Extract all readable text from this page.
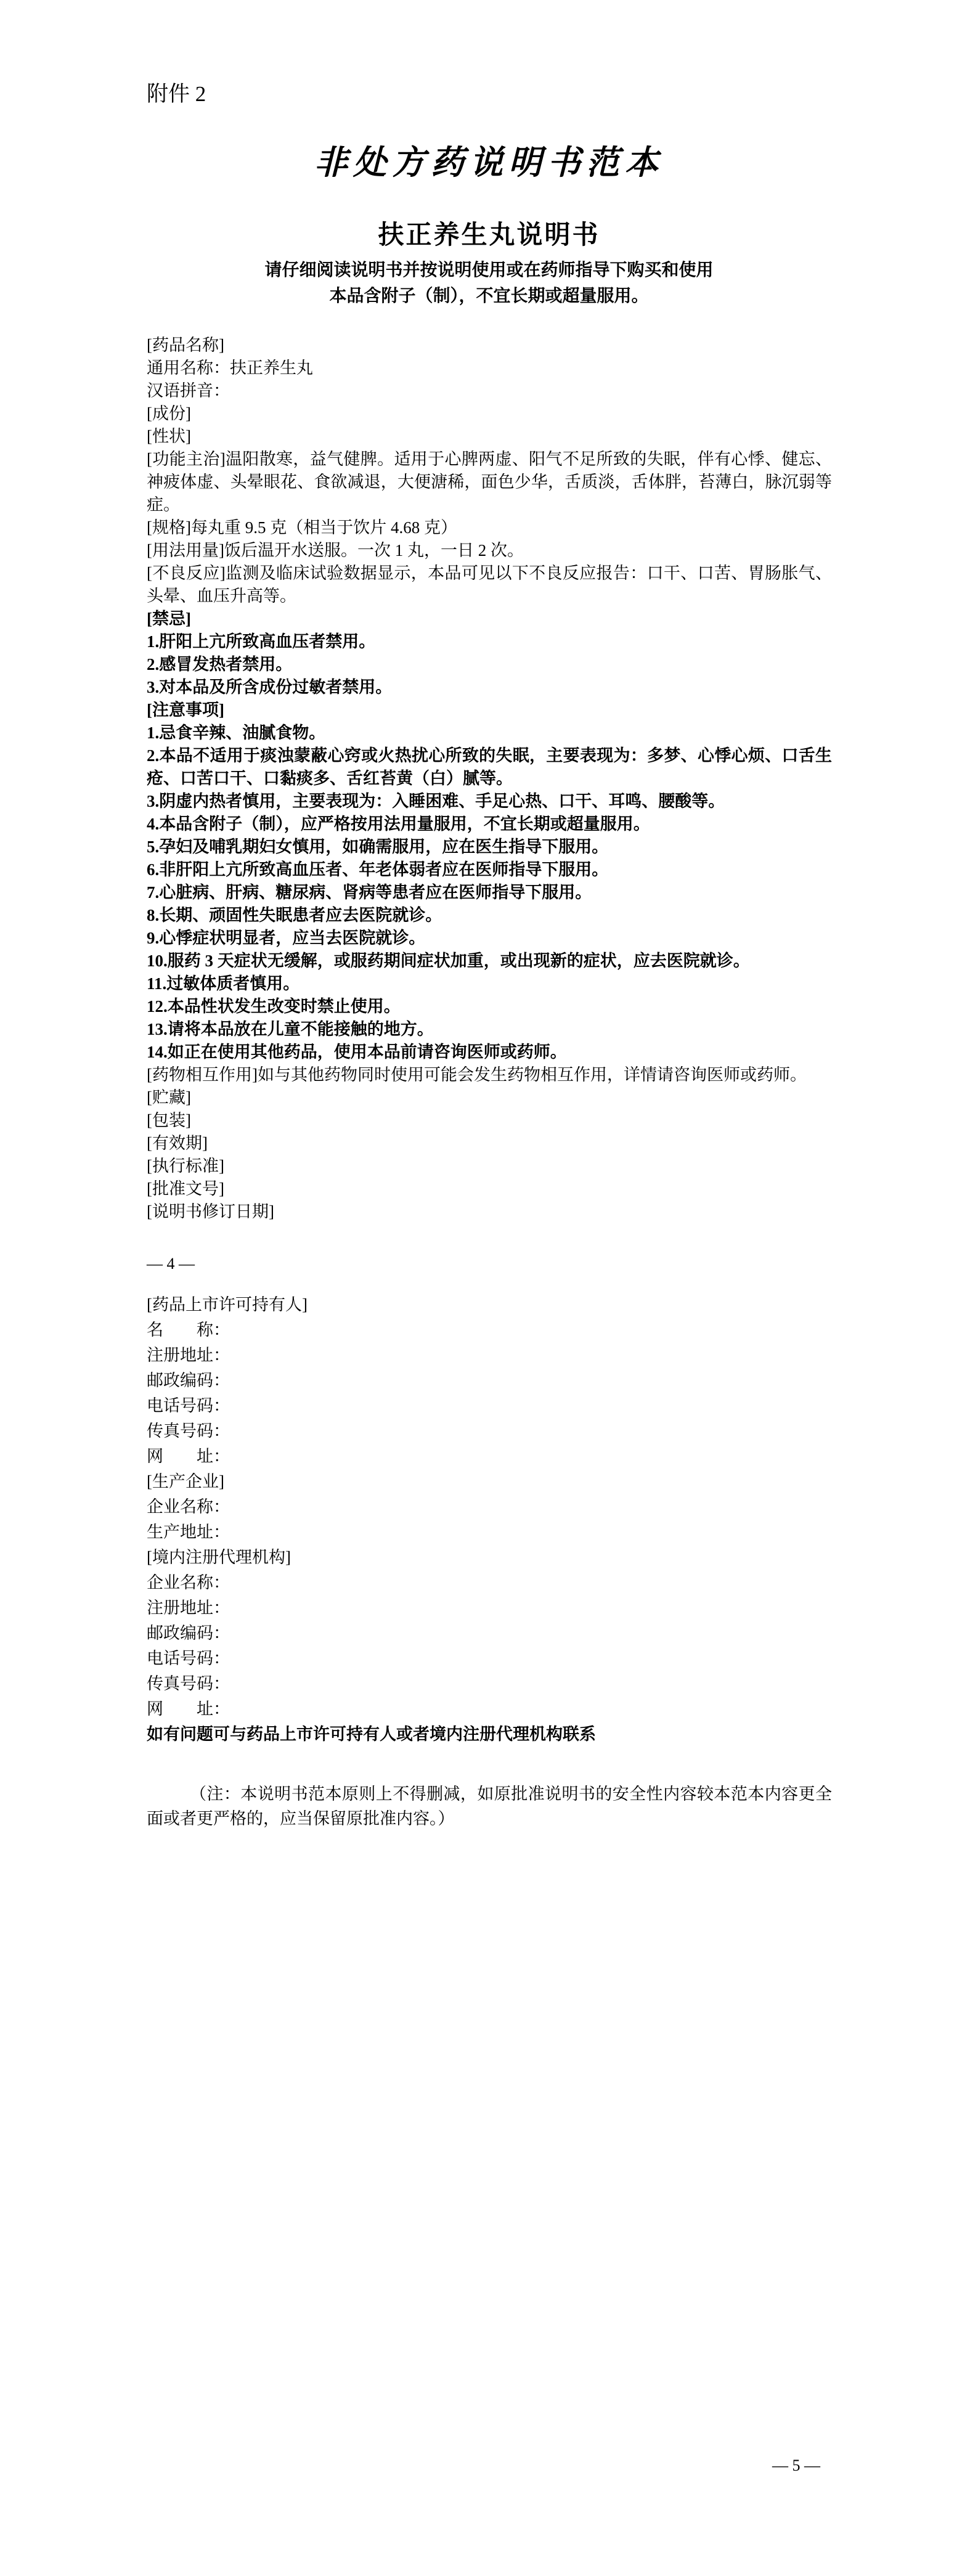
附件 2
非处方药说明书范本
扶正养生丸说明书
请仔细阅读说明书并按说明使用或在药师指导下购买和使用
本品含附子（制），不宜长期或超量服用。

[药品名称]

通用名称：扶正养生丸

汉语拼音：

[成份]

[性状]

[功能主治]温阳散寒，益气健脾。适用于心脾两虚、阳气不足所致的失眠，伴有心悸、健忘、神疲体虚、头晕眼花、食欲减退，大便溏稀，面色少华，舌质淡，舌体胖，苔薄白，脉沉弱等症。

[规格]每丸重 9.5 克（相当于饮片 4.68 克）

[用法用量]饭后温开水送服。一次 1 丸，一日 2 次。

[不良反应]监测及临床试验数据显示，本品可见以下不良反应报告：口干、口苦、胃肠胀气、头晕、血压升高等。

[禁忌]

1.肝阳上亢所致高血压者禁用。

2.感冒发热者禁用。

3.对本品及所含成份过敏者禁用。

[注意事项]

1.忌食辛辣、油腻食物。

2.本品不适用于痰浊蒙蔽心窍或火热扰心所致的失眠，主要表现为：多梦、心悸心烦、口舌生疮、口苦口干、口黏痰多、舌红苔黄（白）腻等。

3.阴虚内热者慎用，主要表现为：入睡困难、手足心热、口干、耳鸣、腰酸等。

4.本品含附子（制），应严格按用法用量服用，不宜长期或超量服用。

5.孕妇及哺乳期妇女慎用，如确需服用，应在医生指导下服用。

6.非肝阳上亢所致高血压者、年老体弱者应在医师指导下服用。

7.心脏病、肝病、糖尿病、肾病等患者应在医师指导下服用。

8.长期、顽固性失眠患者应去医院就诊。

9.心悸症状明显者，应当去医院就诊。

10.服药 3 天症状无缓解，或服药期间症状加重，或出现新的症状，应去医院就诊。

11.过敏体质者慎用。

12.本品性状发生改变时禁止使用。

13.请将本品放在儿童不能接触的地方。

14.如正在使用其他药品，使用本品前请咨询医师或药师。

[药物相互作用]如与其他药物同时使用可能会发生药物相互作用，详情请咨询医师或药师。

[贮藏]

[包装]

[有效期]

[执行标准]

[批准文号]

[说明书修订日期]

— 4 —

[药品上市许可持有人]

名　　称：

注册地址：

邮政编码：

电话号码：

传真号码：

网　　址：

[生产企业]

企业名称：

生产地址：

[境内注册代理机构]

企业名称：

注册地址：

邮政编码：

电话号码：

传真号码：

网　　址：

如有问题可与药品上市许可持有人或者境内注册代理机构联系

（注：本说明书范本原则上不得删减，如原批准说明书的安全性内容较本范本内容更全面或者更严格的，应当保留原批准内容。）

— 5 —
